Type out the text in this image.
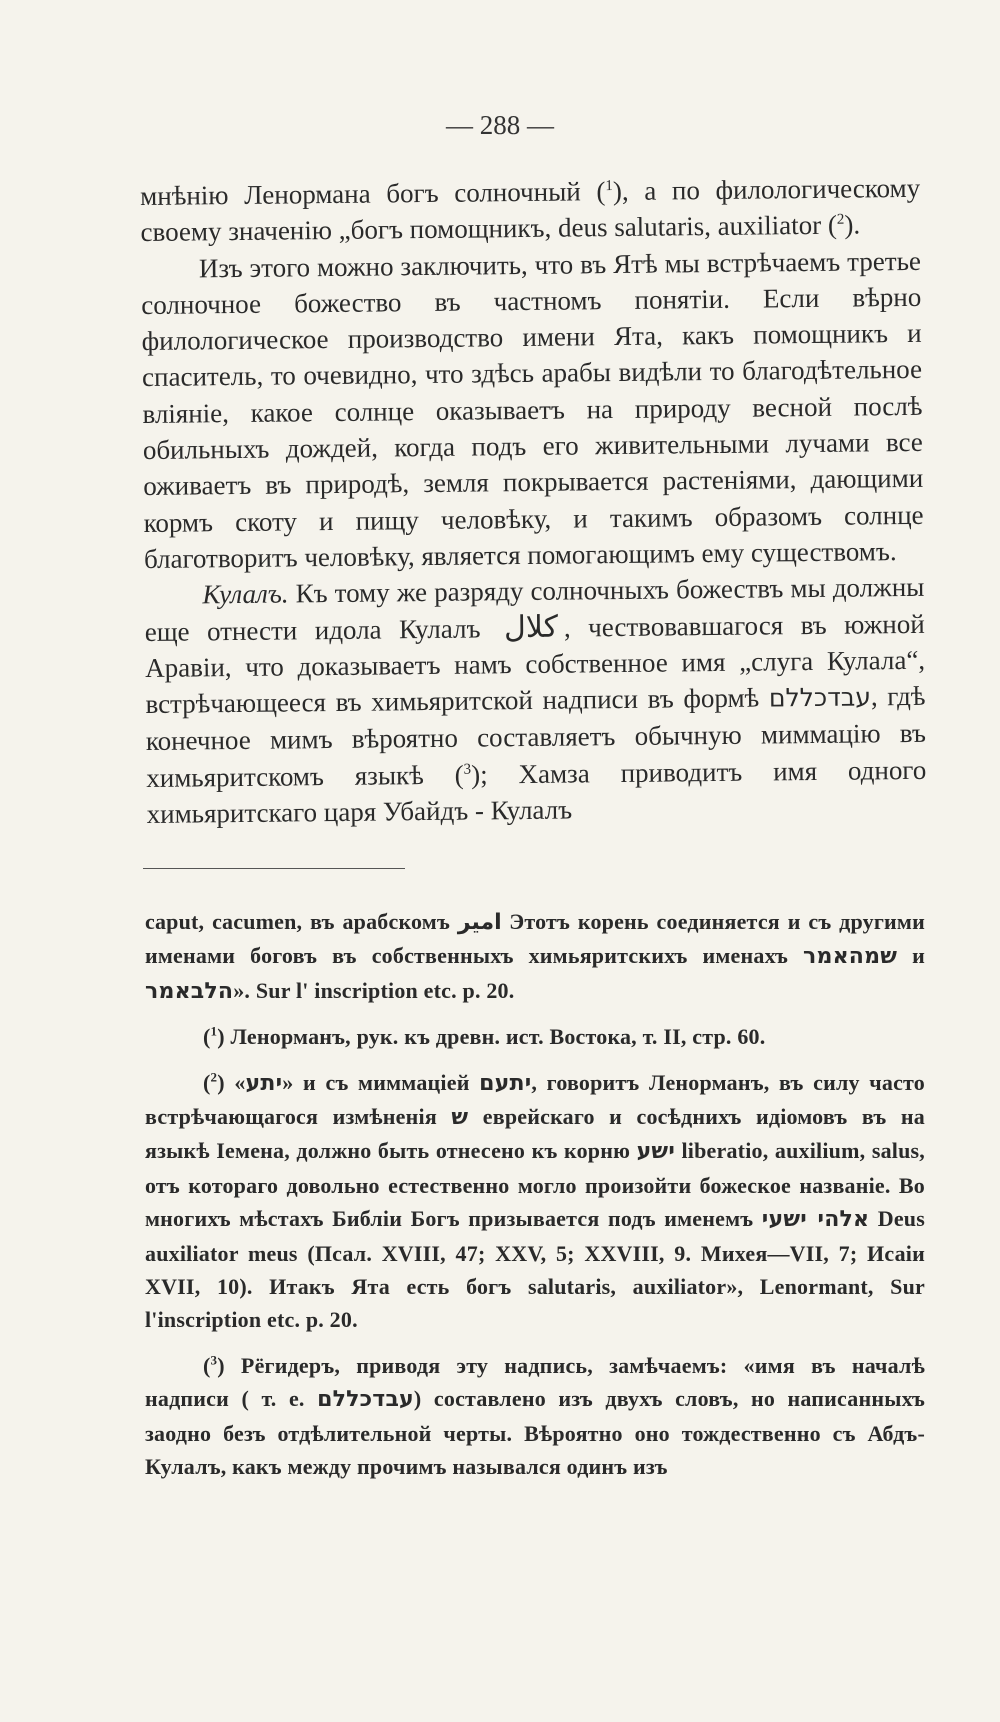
— 288 —

мнѣнію Ленормана богъ солночный ($^1$), а по филологическому своему значенію „богъ помощникъ, deus salutaris, auxiliator ($^2$).

Изъ этого можно заключить, что въ Ятѣ мы встрѣчаемъ третье солночное божество въ частномъ понятіи. Если вѣрно филологическое производство имени Ята, какъ помощникъ и спаситель, то очевидно, что здѣсь арабы видѣли то благодѣтельное вліяніе, какое солнце оказываетъ на природу весной послѣ обильныхъ дождей, когда подъ его живительными лучами все оживаетъ въ природѣ, земля покрывается растеніями, дающими кормъ скоту и пищу человѣку, и такимъ образомъ солнце благотворитъ человѣку, является помогающимъ ему существомъ.

Кулалъ. Къ тому же разряду солночныхъ божествъ мы должны еще отнести идола Кулалъ كلال , чествовавшагося въ южной Аравіи, что доказываетъ намъ собственное имя „слуга Кулала“, встрѣчающееся въ химьяритской надписи въ формѣ עבדכללם, гдѣ конечное мимъ вѣроятно составляетъ обычную миммацію въ химьяритскомъ языкѣ ($^3$); Хамза приводитъ имя одного химьяритскаго царя Убайдъ - Кулалъ

caput, cacumen, въ арабскомъ امير Этотъ корень соединяется и съ другими именами боговъ въ собственныхъ химьяритскихъ именахъ שמהאמר и הלבאמר». Sur l' inscription etc. p. 20.

($^1$) Ленорманъ, рук. къ древн. ист. Востока, т. II, стр. 60.

($^2$) «יתע» и съ миммаціей יתעם, говоритъ Ленорманъ, въ силу часто встрѣчающагося измѣненія ש еврейскаго и сосѣднихъ идіомовъ въ на языкѣ Іемена, должно быть отнесено къ корню ישע liberatio, auxilium, salus, отъ котораго довольно естественно могло произойти божеское названіе. Во многихъ мѣстахъ Библіи Богъ призывается подъ именемъ אלהי ישעי Deus auxiliator meus (Псал. XVIII, 47; XXV, 5; XXVIII, 9. Михея—VII, 7; Исаіи XVII, 10). Итакъ Ята есть богъ salutaris, auxiliator», Lenormant, Sur l'inscription etc. p. 20.

($^3$) Рёгидеръ, приводя эту надпись, замѣчаемъ: «имя въ началѣ надписи ( т. е. עבדכללם) составлено изъ двухъ словъ, но написанныхъ заодно безъ отдѣлительной черты. Вѣроятно оно тождественно съ Абдъ-Кулалъ, какъ между прочимъ назывался одинъ изъ
